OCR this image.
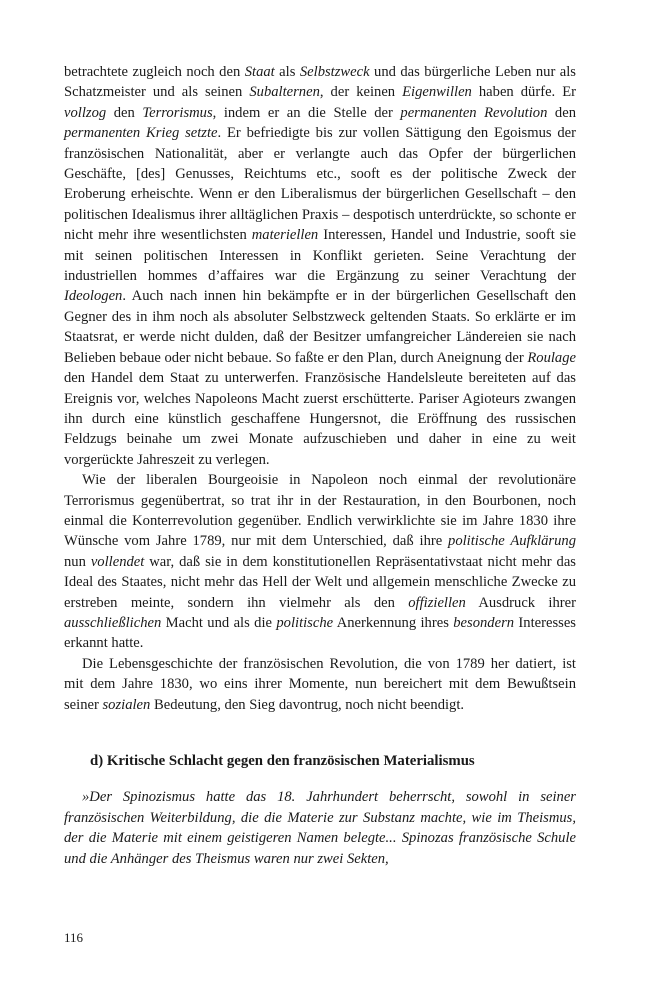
betrachtete zugleich noch den Staat als Selbstzweck und das bürgerliche Leben nur als Schatzmeister und als seinen Subalternen, der keinen Eigenwillen haben dürfe. Er vollzog den Terrorismus, indem er an die Stelle der permanenten Revolution den permanenten Krieg setzte. Er befriedigte bis zur vollen Sättigung den Egoismus der französischen Nationalität, aber er verlangte auch das Opfer der bürgerlichen Geschäfte, [des] Genusses, Reichtums etc., sooft es der politische Zweck der Eroberung erheischte. Wenn er den Liberalismus der bürgerlichen Gesellschaft – den politischen Idealismus ihrer alltäglichen Praxis – despotisch unterdrückte, so schonte er nicht mehr ihre wesentlichsten materiellen Interessen, Handel und Industrie, sooft sie mit seinen politischen Interessen in Konflikt gerieten. Seine Verachtung der industriellen hommes d’affaires war die Ergänzung zu seiner Verachtung der Ideologen. Auch nach innen hin bekämpfte er in der bürgerlichen Gesellschaft den Gegner des in ihm noch als absoluter Selbstzweck geltenden Staats. So erklärte er im Staatsrat, er werde nicht dulden, daß der Besitzer umfangreicher Ländereien sie nach Belieben bebaue oder nicht bebaue. So faßte er den Plan, durch Aneignung der Roulage den Handel dem Staat zu unterwerfen. Französische Handelsleute bereiteten auf das Ereignis vor, welches Napoleons Macht zuerst erschütterte. Pariser Agioteurs zwangen ihn durch eine künstlich geschaffene Hungersnot, die Eröffnung des russischen Feldzugs beinahe um zwei Monate aufzuschieben und daher in eine zu weit vorgerückte Jahreszeit zu verlegen.

Wie der liberalen Bourgeoisie in Napoleon noch einmal der revolutionäre Terrorismus gegenübertrat, so trat ihr in der Restauration, in den Bourbonen, noch einmal die Konterrevolution gegenüber. Endlich verwirklichte sie im Jahre 1830 ihre Wünsche vom Jahre 1789, nur mit dem Unterschied, daß ihre politische Aufklärung nun vollendet war, daß sie in dem konstitutionellen Repräsentativstaat nicht mehr das Ideal des Staates, nicht mehr das Hell der Welt und allgemein menschliche Zwecke zu erstreben meinte, sondern ihn vielmehr als den offiziellen Ausdruck ihrer ausschließlichen Macht und als die politische Anerkennung ihres besondern Interesses erkannt hatte.

Die Lebensgeschichte der französischen Revolution, die von 1789 her datiert, ist mit dem Jahre 1830, wo eins ihrer Momente, nun bereichert mit dem Bewußtsein seiner sozialen Bedeutung, den Sieg davontrug, noch nicht beendigt.

d) Kritische Schlacht gegen den französischen Materialismus

»Der Spinozismus hatte das 18. Jahrhundert beherrscht, sowohl in seiner französischen Weiterbildung, die die Materie zur Substanz machte, wie im Theismus, der die Materie mit einem geistigeren Namen belegte... Spinozas französische Schule und die Anhänger des Theismus waren nur zwei Sekten,

116
